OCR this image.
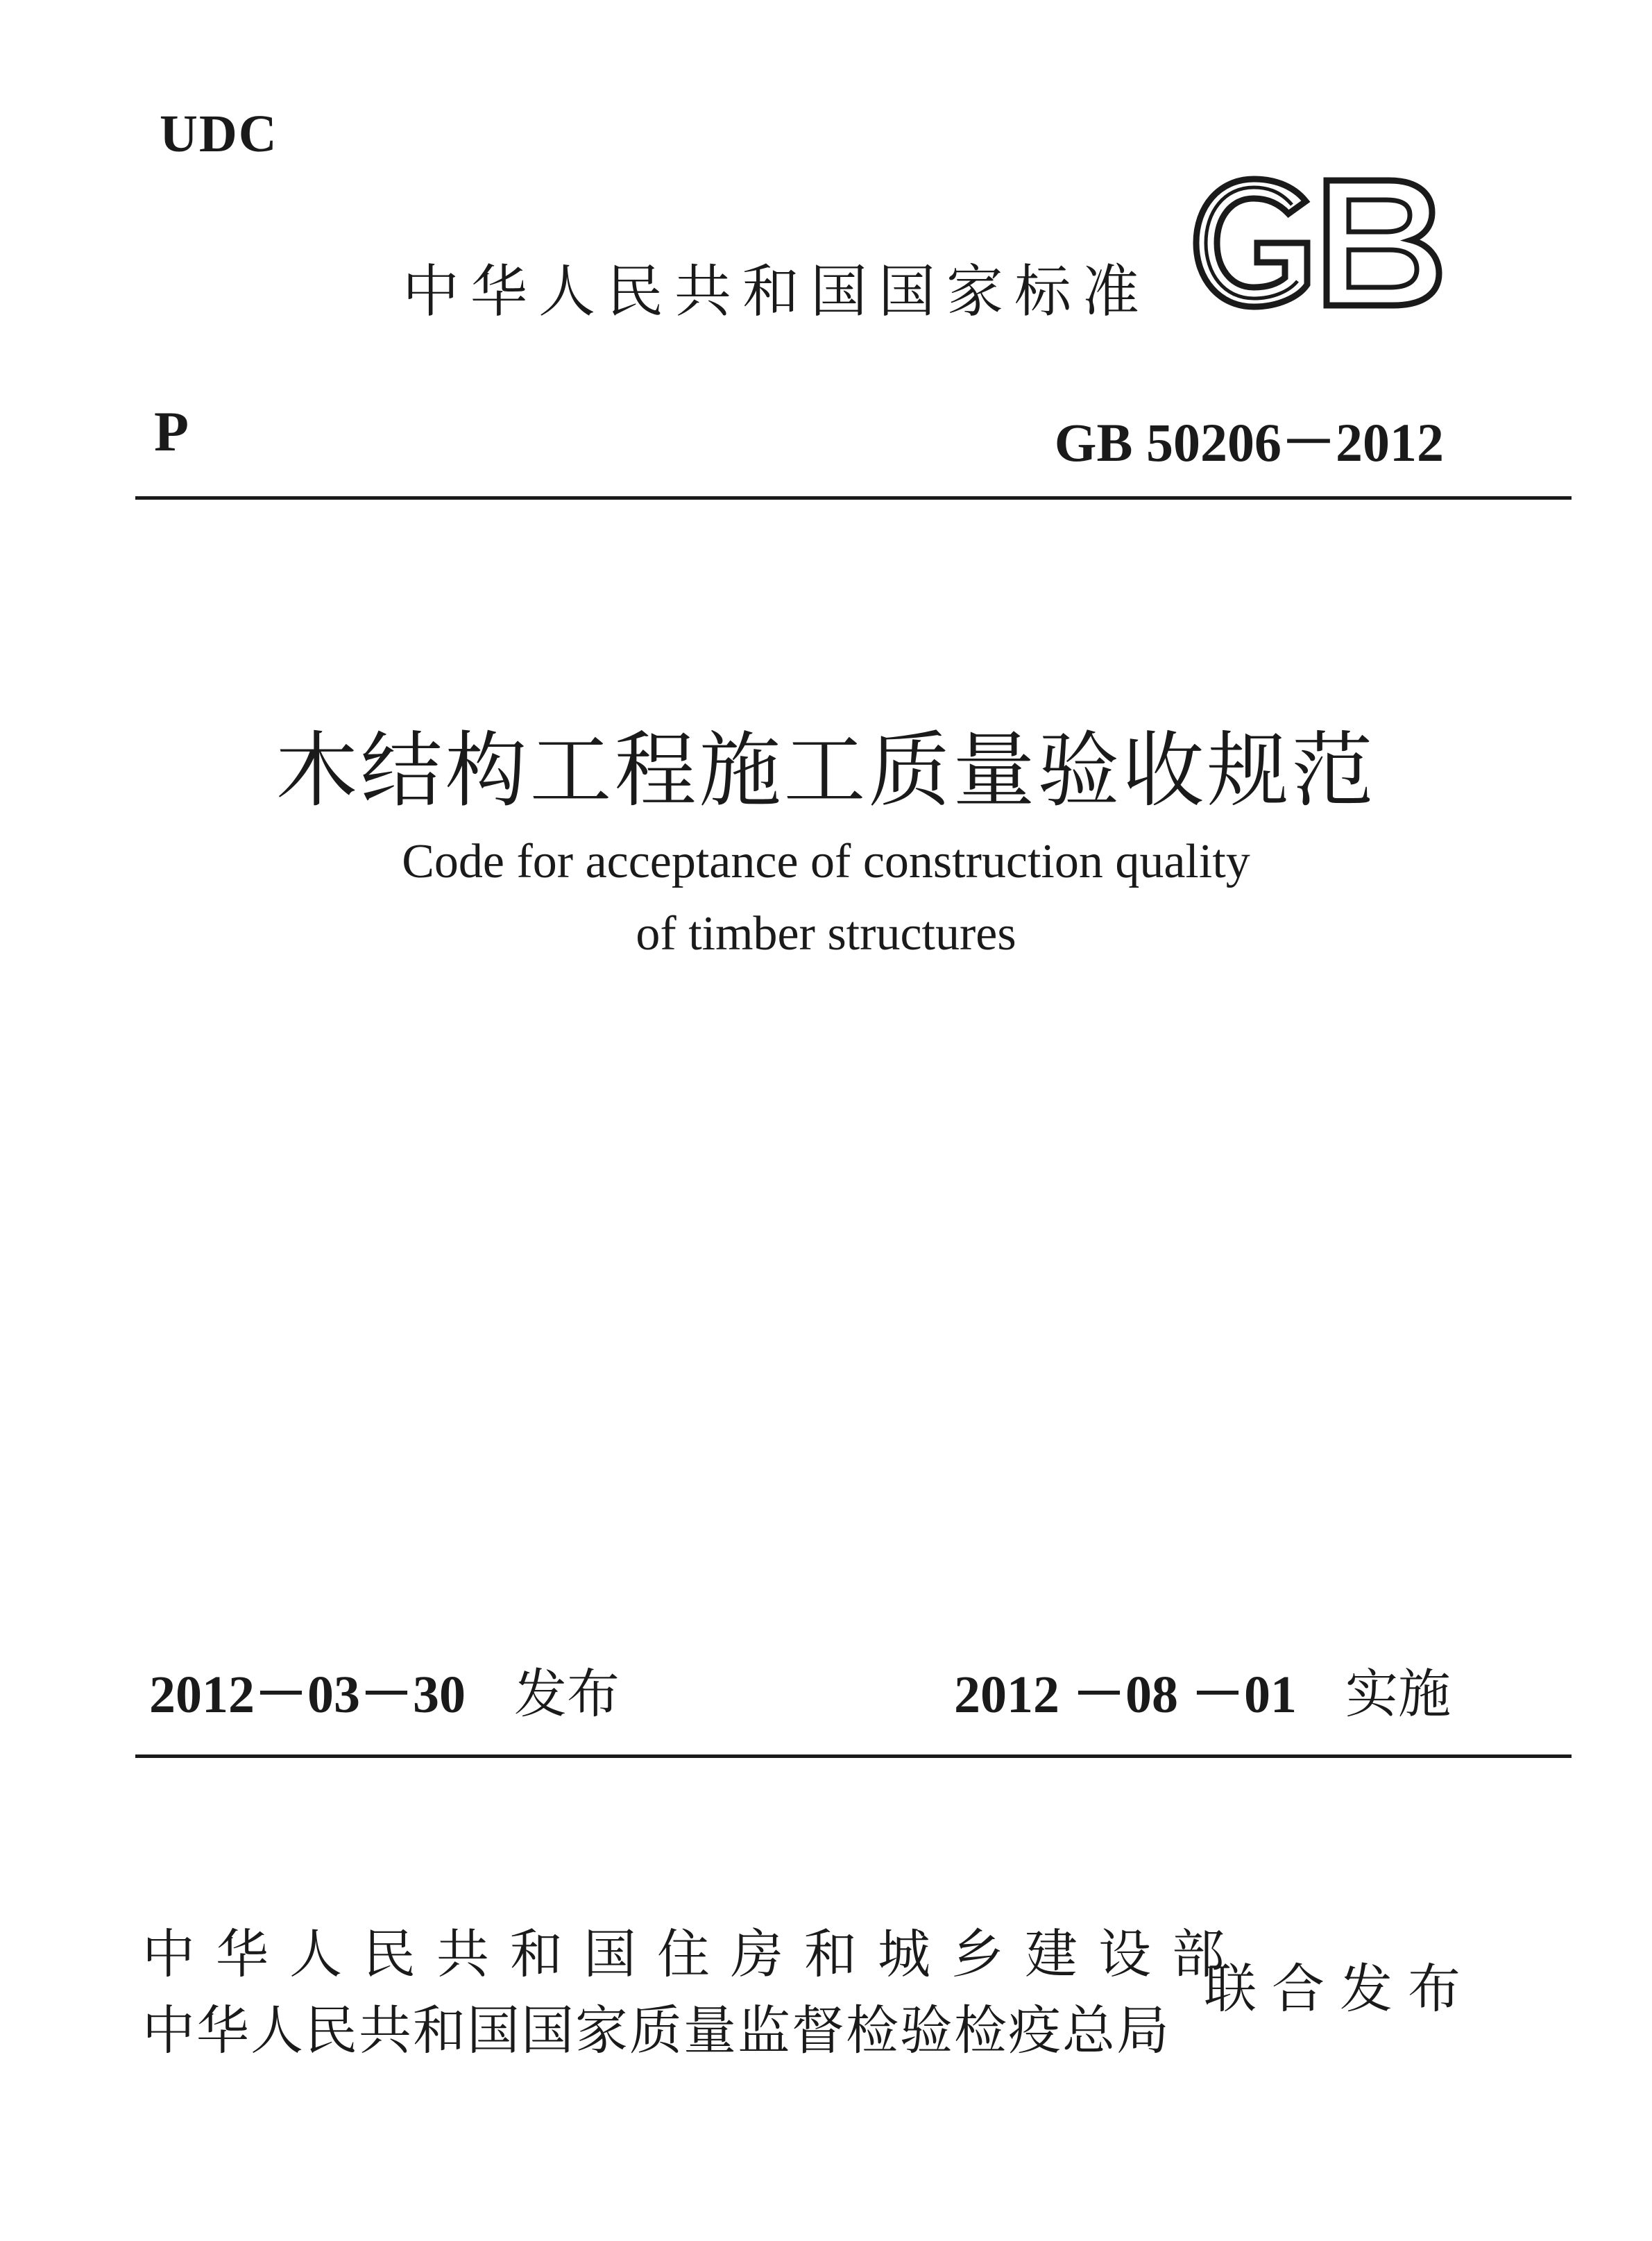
UDC
中华人民共和国国家标准
P	GB 50206－2012
木结构工程施工质量验收规范
Code for acceptance of construction quality
of timber structures
2012－03－30 发布	2012 －08 －01 实施
中华人民共和国住房和城乡建设部
中华人民共和国国家质量监督检验检疫总局
联合发布
